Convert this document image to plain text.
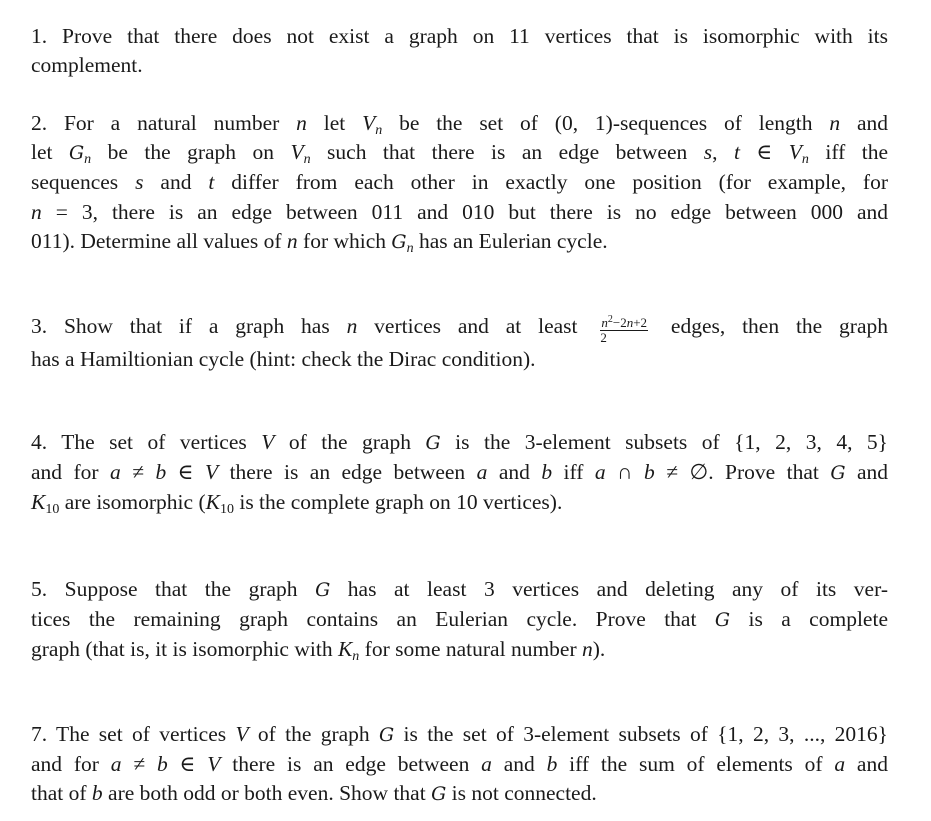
1. Prove that there does not exist a graph on 11 vertices that is isomorphic with its
complement.
2. For a natural number n let $V_n$ be the set of (0, 1)-sequences of length n and
let $G_n$ be the graph on $V_n$ such that there is an edge between s, t ∈ $V_n$ iff the
sequences s and t differ from each other in exactly one position (for example, for
n = 3, there is an edge between 011 and 010 but there is no edge between 000 and
011). Determine all values of n for which $G_n$ has an Eulerian cycle.
3. Show that if a graph has n vertices and at least $\frac{n^2-2n+2}{2}$ edges, then the graph
has a Hamiltionian cycle (hint: check the Dirac condition).
4. The set of vertices V of the graph G is the 3-element subsets of {1, 2, 3, 4, 5}
and for a ≠ b ∈ V there is an edge between a and b iff a ∩ b ≠ ∅. Prove that G and
$K_{10}$ are isomorphic ($K_{10}$ is the complete graph on 10 vertices).
5. Suppose that the graph G has at least 3 vertices and deleting any of its ver-
tices the remaining graph contains an Eulerian cycle. Prove that G is a complete
graph (that is, it is isomorphic with $K_n$ for some natural number n).
7. The set of vertices V of the graph G is the set of 3-element subsets of {1, 2, 3, ..., 2016}
and for a ≠ b ∈ V there is an edge between a and b iff the sum of elements of a and
that of b are both odd or both even. Show that G is not connected.
